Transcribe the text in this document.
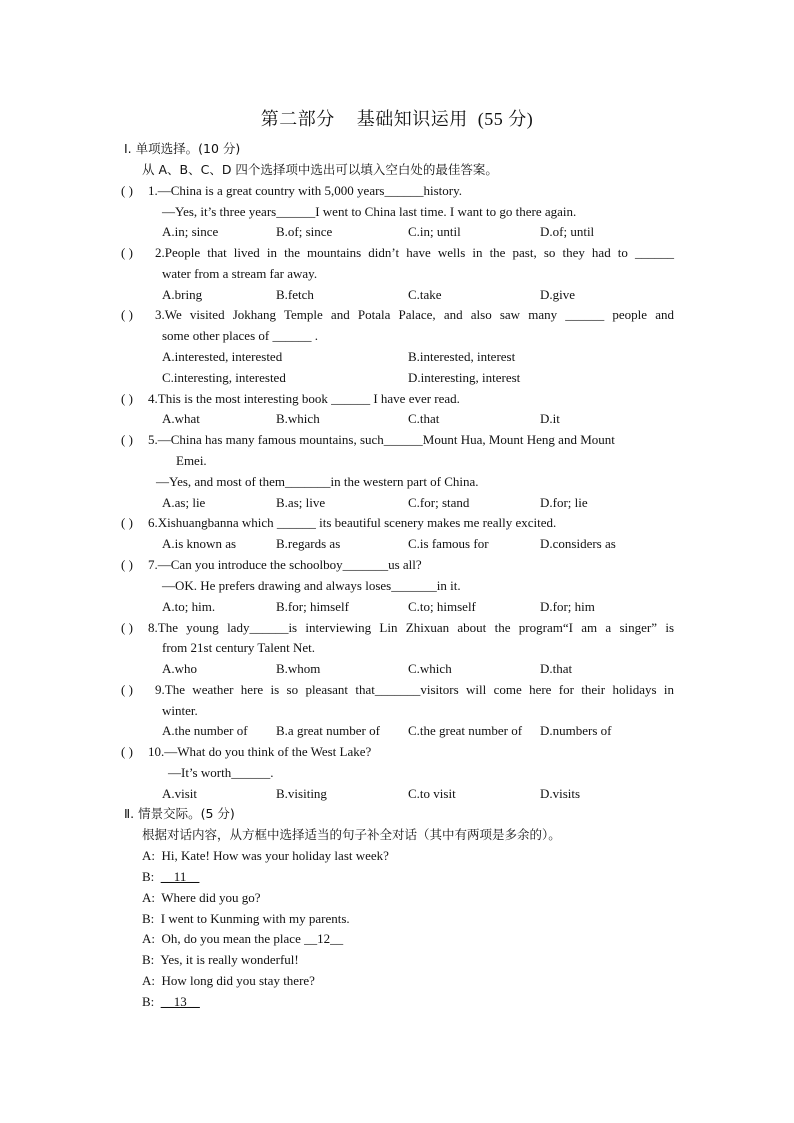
第二部分 基础知识运用 (55 分)
Ⅰ. 单项选择。(10 分)
从 A、B、C、D 四个选择项中选出可以填入空白处的最佳答案。
( ) 1.—China is a great country with 5,000 years______history.
—Yes, it’s three years______I went to China last time. I want to go there again.
A.in; since	B.of; since	C.in; until	D.of; until
( ) 2.People that lived in the mountains didn’t have wells in the past, so they had to ______
water from a stream far away.
A.bring	B.fetch	C.take	D.give
( ) 3.We visited Jokhang Temple and Potala Palace, and also saw many ______ people and
some other places of ______ .
A.interested, interested	B.interested, interest
C.interesting, interested	D.interesting, interest
( ) 4.This is the most interesting book ______ I have ever read.
A.what	B.which	C.that	D.it
( ) 5.—China has many famous mountains, such______Mount Hua, Mount Heng and Mount
Emei.
—Yes, and most of them_______in the western part of China.
A.as; lie	B.as; live	C.for; stand	D.for; lie
( ) 6.Xishuangbanna which ______ its beautiful scenery makes me really excited.
A.is known as	B.regards as	C.is famous for	D.considers as
( ) 7.—Can you introduce the schoolboy_______us all?
—OK. He prefers drawing and always loses_______in it.
A.to; him.	B.for; himself	C.to; himself	D.for; him
( ) 8.The young lady______is interviewing Lin Zhixuan about the program“I am a singer” is
from 21st century Talent Net.
A.who	B.whom	C.which	D.that
( ) 9.The weather here is so pleasant that_______visitors will come here for their holidays in
winter.
A.the number of B.a great number of C.the great number of D.numbers of
( ) 10.—What do you think of the West Lake?
—It’s worth______.
A.visit	B.visiting	C.to visit	D.visits
Ⅱ. 情景交际。(5 分)
根据对话内容，从方框中选择适当的句子补全对话（其中有两项是多余的）。
A: Hi, Kate! How was your holiday last week?
B: __11__
A: Where did you go?
B: I went to Kunming with my parents.
A: Oh, do you mean the place __12__
B: Yes, it is really wonderful!
A: How long did you stay there?
B: __13__
